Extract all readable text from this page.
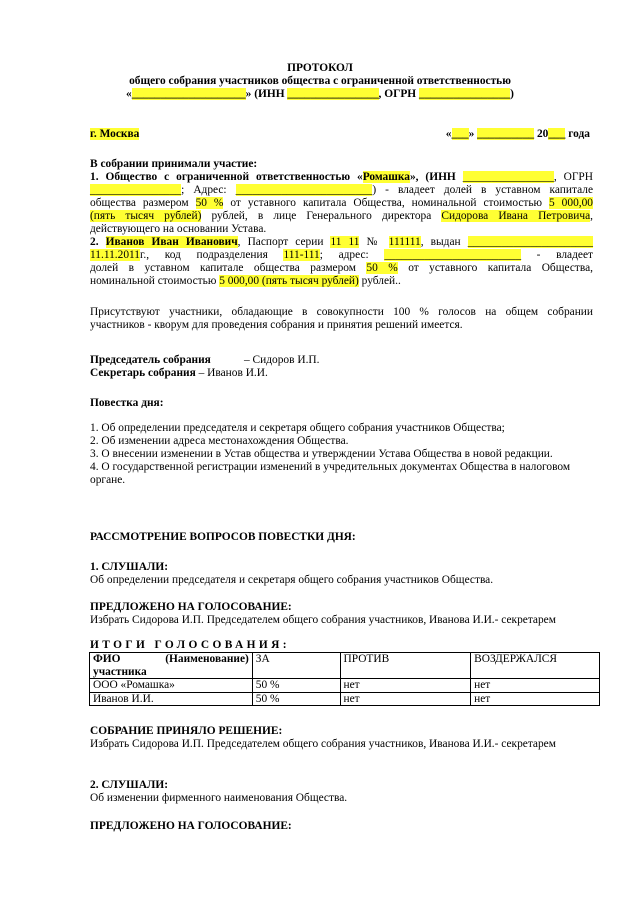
ПРОТОКОЛ
общего собрания участников общества с ограниченной ответственностью
«____________________» (ИНН ________________, ОГРН ________________)
г. Москва	«___» __________ 20___ года
В собрании принимали участие:
1. Общество с ограниченной ответственностью «Ромашка», (ИНН ________________, ОГРН
________________; Адрес: ________________________) - владеет долей в уставном капитале
общества размером 50 % от уставного капитала Общества, номинальной стоимостью 5 000,00
(пять тысяч рублей) рублей, в лице Генерального директора Сидорова Ивана Петровича,
действующего на основании Устава.
2. Иванов Иван Иванович, Паспорт серии 11 11 № 111111, выдан ______________________
11.11.2011г., код подразделения 111-111; адрес: ________________________ - владеет
долей в уставном капитале общества размером 50 % от уставного капитала Общества,
номинальной стоимостью 5 000,00 (пять тысяч рублей) рублей..
Присутствуют участники, обладающие в совокупности 100 % голосов на общем собрании
участников - кворум для проведения собрания и принятия решений имеется.
Председатель собрания	– Сидоров И.П.
Секретарь собрания – Иванов И.И.
Повестка дня:
1. Об определении председателя и секретаря общего собрания участников Общества;
2. Об изменении адреса местонахождения Общества.
3. О внесении изменении в Устав общества и утверждении Устава Общества в новой редакции.
4. О государственной регистрации изменений в учредительных документах Общества в налоговом
органе.
РАССМОТРЕНИЕ ВОПРОСОВ ПОВЕСТКИ ДНЯ:
1. СЛУШАЛИ:
Об определении председателя и секретаря общего собрания участников Общества.
ПРЕДЛОЖЕНО НА ГОЛОСОВАНИЕ:
Избрать Сидорова И.П. Председателем общего собрания участников, Иванова И.И.- секретарем
ИТОГИ ГОЛОСОВАНИЯ:
ФИО (Наименование)
участника	ЗА	ПРОТИВ	ВОЗДЕРЖАЛСЯ
ООО «Ромашка»	50 %	нет	нет
Иванов И.И.	50 %	нет	нет
СОБРАНИЕ ПРИНЯЛО РЕШЕНИЕ:
Избрать Сидорова И.П. Председателем общего собрания участников, Иванова И.И.- секретарем
2. СЛУШАЛИ:
Об изменении фирменного наименования Общества.
ПРЕДЛОЖЕНО НА ГОЛОСОВАНИЕ:
